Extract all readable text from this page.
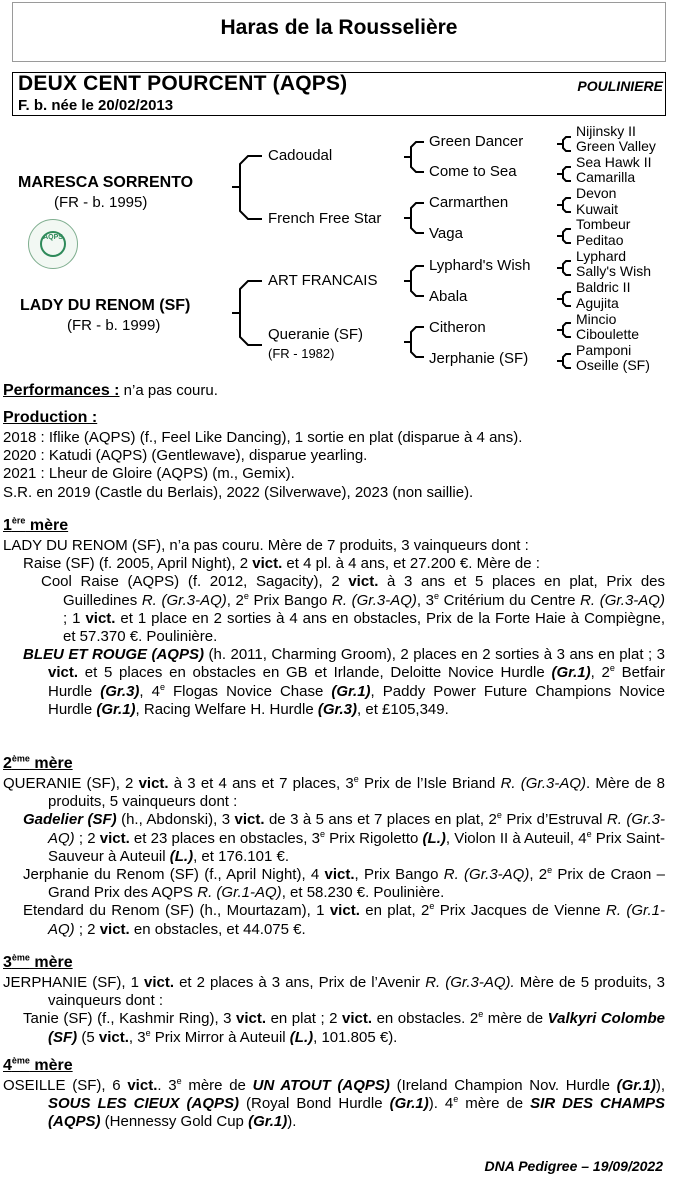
Haras de la Rousselière
DEUX CENT POURCENT (AQPS)
F. b. née le 20/02/2013
POULINIERE
MARESCA SORRENTO
(FR - b. 1995)
AQPS
LADY DU RENOM (SF)
(FR - b. 1999)
Cadoudal
French Free Star
ART FRANCAIS
Queranie (SF)
(FR - 1982)
Green Dancer
Come to Sea
Carmarthen
Vaga
Lyphard's Wish
Abala
Citheron
Jerphanie (SF)
Nijinsky II
Green Valley
Sea Hawk II
Camarilla
Devon
Kuwait
Tombeur
Peditao
Lyphard
Sally's Wish
Baldric II
Agujita
Mincio
Ciboulette
Pamponi
Oseille (SF)
Performances : n’a pas couru.
Production :
2018 : Iflike (AQPS) (f., Feel Like Dancing), 1 sortie en plat (disparue à 4 ans).
2020 : Katudi (AQPS) (Gentlewave), disparue yearling.
2021 : Lheur de Gloire (AQPS) (m., Gemix).
S.R. en 2019 (Castle du Berlais), 2022 (Silverwave), 2023 (non saillie).
1ère mère
LADY DU RENOM (SF), n’a pas couru. Mère de 7 produits, 3 vainqueurs dont :
Raise (SF) (f. 2005, April Night), 2 vict. et 4 pl. à 4 ans, et 27.200 €. Mère de :
Cool Raise (AQPS) (f. 2012, Sagacity), 2 vict. à 3 ans et 5 places en plat, Prix des Guilledines R. (Gr.3-AQ), 2e Prix Bango R. (Gr.3-AQ), 3e Critérium du Centre R. (Gr.3-AQ) ; 1 vict. et 1 place en 2 sorties à 4 ans en obstacles, Prix de la Forte Haie à Compiègne, et 57.370 €. Poulinière.
BLEU ET ROUGE (AQPS) (h. 2011, Charming Groom), 2 places en 2 sorties à 3 ans en plat ; 3 vict. et 5 places en obstacles en GB et Irlande, Deloitte Novice Hurdle (Gr.1), 2e Betfair Hurdle (Gr.3), 4e Flogas Novice Chase (Gr.1), Paddy Power Future Champions Novice Hurdle (Gr.1), Racing Welfare H. Hurdle (Gr.3), et £105,349.
2ème mère
QUERANIE (SF), 2 vict. à 3 et 4 ans et 7 places, 3e Prix de l’Isle Briand R. (Gr.3-AQ). Mère de 8 produits, 5 vainqueurs dont :
Gadelier (SF) (h., Abdonski), 3 vict. de 3 à 5 ans et 7 places en plat, 2e Prix d’Estruval R. (Gr.3-AQ) ; 2 vict. et 23 places en obstacles, 3e Prix Rigoletto (L.), Violon II à Auteuil, 4e Prix Saint-Sauveur à Auteuil (L.), et 176.101 €.
Jerphanie du Renom (SF) (f., April Night), 4 vict., Prix Bango R. (Gr.3-AQ), 2e Prix de Craon – Grand Prix des AQPS R. (Gr.1-AQ), et 58.230 €. Poulinière.
Etendard du Renom (SF) (h., Mourtazam), 1 vict. en plat, 2e Prix Jacques de Vienne R. (Gr.1-AQ) ; 2 vict. en obstacles, et 44.075 €.
3ème mère
JERPHANIE (SF), 1 vict. et 2 places à 3 ans, Prix de l’Avenir R. (Gr.3-AQ). Mère de 5 produits, 3 vainqueurs dont :
Tanie (SF) (f., Kashmir Ring), 3 vict. en plat ; 2 vict. en obstacles. 2e mère de Valkyri Colombe (SF) (5 vict., 3e Prix Mirror à Auteuil (L.), 101.805 €).
4ème mère
OSEILLE (SF), 6 vict.. 3e mère de UN ATOUT (AQPS) (Ireland Champion Nov. Hurdle (Gr.1)), SOUS LES CIEUX (AQPS) (Royal Bond Hurdle (Gr.1)). 4e mère de SIR DES CHAMPS (AQPS) (Hennessy Gold Cup (Gr.1)).
DNA Pedigree – 19/09/2022
